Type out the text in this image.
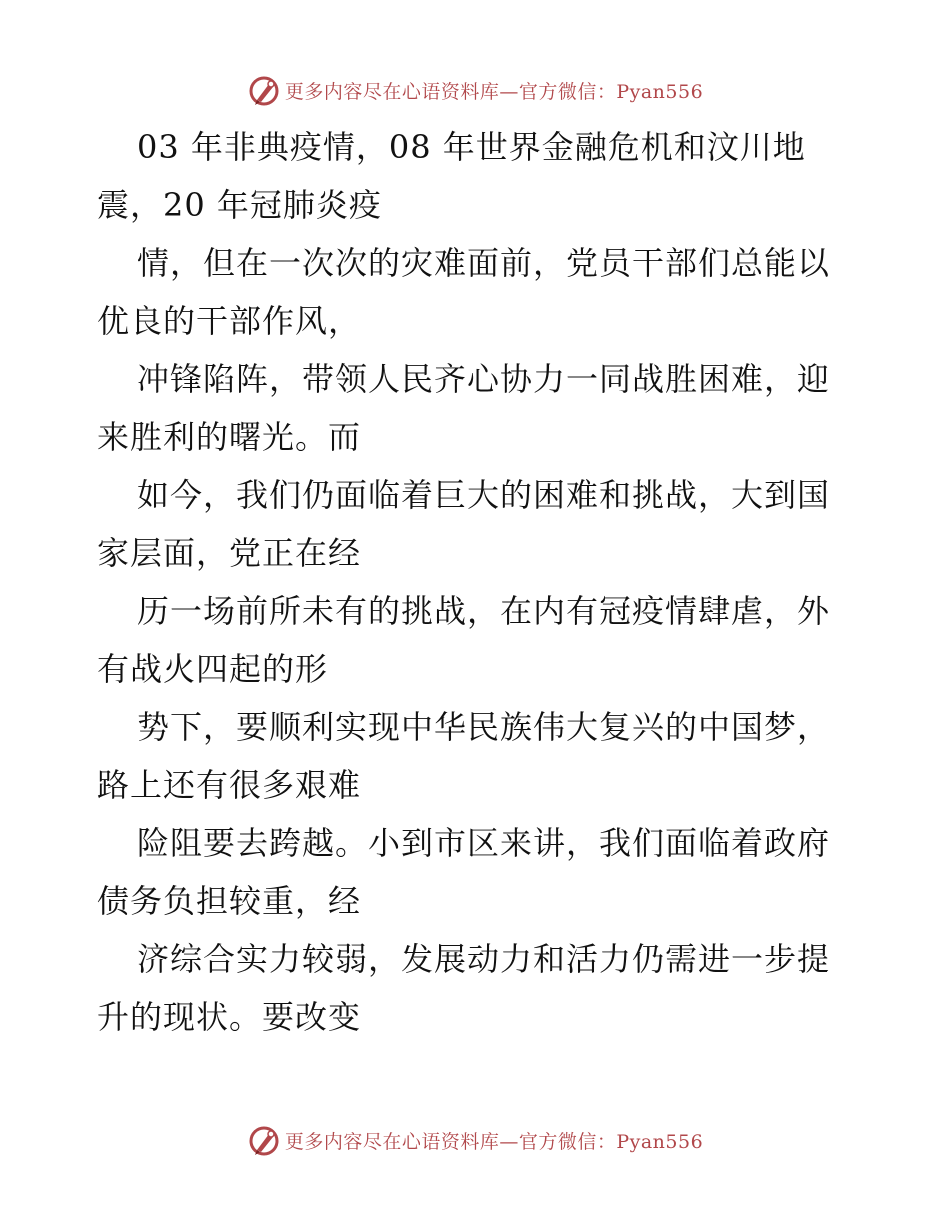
更多内容尽在心语资料库—官方微信：Pyan556
03 年非典疫情，08 年世界金融危机和汶川地
震，20 年冠肺炎疫
情，但在一次次的灾难面前，党员干部们总能以
优良的干部作风，
冲锋陷阵，带领人民齐心协力一同战胜困难，迎
来胜利的曙光。而
如今，我们仍面临着巨大的困难和挑战，大到国
家层面，党正在经
历一场前所未有的挑战，在内有冠疫情肆虐，外
有战火四起的形
势下，要顺利实现中华民族伟大复兴的中国梦，
路上还有很多艰难
险阻要去跨越。小到市区来讲，我们面临着政府
债务负担较重，经
济综合实力较弱，发展动力和活力仍需进一步提
升的现状。要改变
更多内容尽在心语资料库—官方微信：Pyan556
